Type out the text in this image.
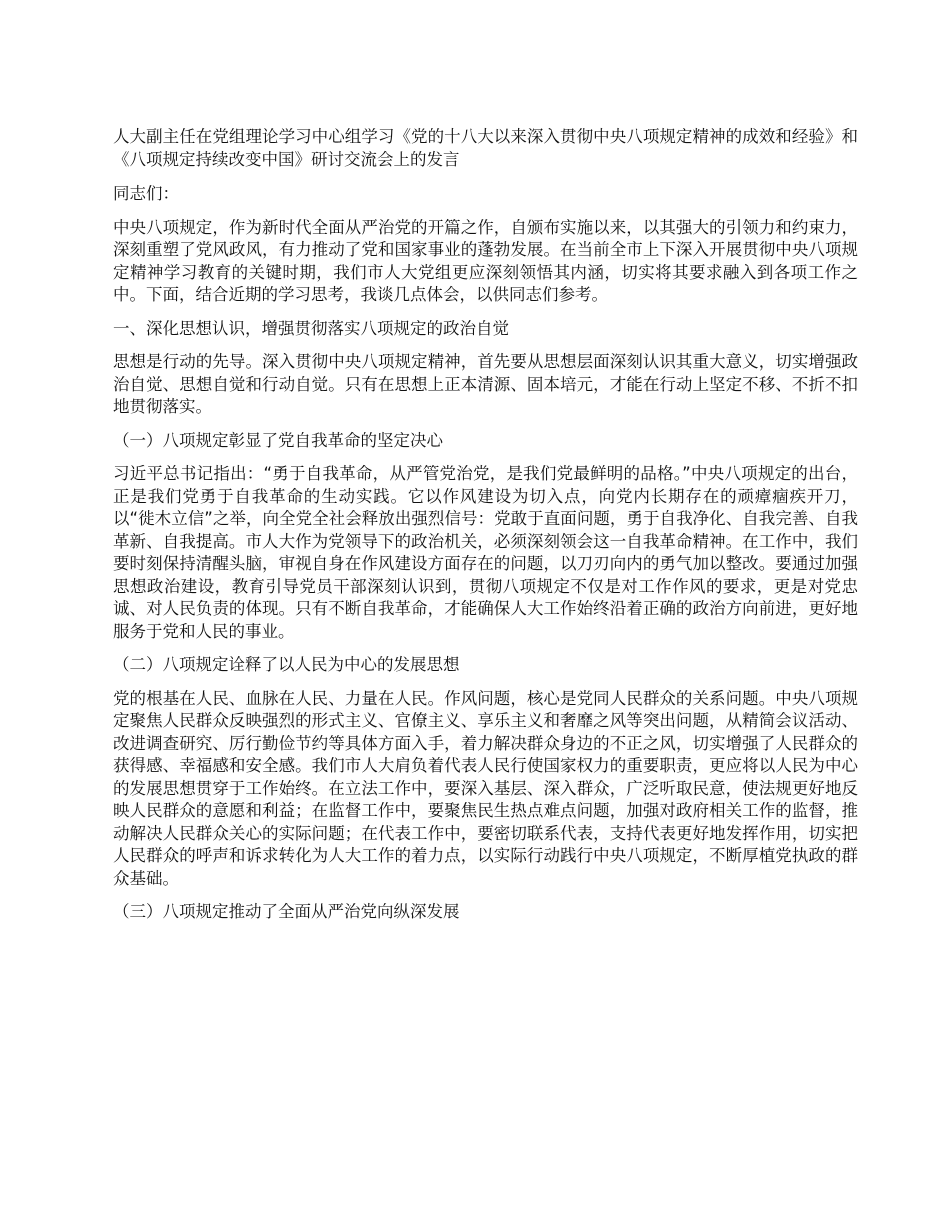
人大副主任在党组理论学习中心组学习《党的十八大以来深入贯彻中央八项规定精神的成效和经验》和《八项规定持续改变中国》研讨交流会上的发言

同志们：

中央八项规定，作为新时代全面从严治党的开篇之作，自颁布实施以来，以其强大的引领力和约束力，深刻重塑了党风政风，有力推动了党和国家事业的蓬勃发展。在当前全市上下深入开展贯彻中央八项规定精神学习教育的关键时期，我们市人大党组更应深刻领悟其内涵，切实将其要求融入到各项工作之中。下面，结合近期的学习思考，我谈几点体会，以供同志们参考。

一、深化思想认识，增强贯彻落实八项规定的政治自觉

思想是行动的先导。深入贯彻中央八项规定精神，首先要从思想层面深刻认识其重大意义，切实增强政治自觉、思想自觉和行动自觉。只有在思想上正本清源、固本培元，才能在行动上坚定不移、不折不扣地贯彻落实。

（一）八项规定彰显了党自我革命的坚定决心

习近平总书记指出：“勇于自我革命，从严管党治党，是我们党最鲜明的品格。”中央八项规定的出台，正是我们党勇于自我革命的生动实践。它以作风建设为切入点，向党内长期存在的顽瘴痼疾开刀，以“徙木立信”之举，向全党全社会释放出强烈信号：党敢于直面问题，勇于自我净化、自我完善、自我革新、自我提高。市人大作为党领导下的政治机关，必须深刻领会这一自我革命精神。在工作中，我们要时刻保持清醒头脑，审视自身在作风建设方面存在的问题，以刀刃向内的勇气加以整改。要通过加强思想政治建设，教育引导党员干部深刻认识到，贯彻八项规定不仅是对工作作风的要求，更是对党忠诚、对人民负责的体现。只有不断自我革命，才能确保人大工作始终沿着正确的政治方向前进，更好地服务于党和人民的事业。

（二）八项规定诠释了以人民为中心的发展思想

党的根基在人民、血脉在人民、力量在人民。作风问题，核心是党同人民群众的关系问题。中央八项规定聚焦人民群众反映强烈的形式主义、官僚主义、享乐主义和奢靡之风等突出问题，从精简会议活动、改进调查研究、厉行勤俭节约等具体方面入手，着力解决群众身边的不正之风，切实增强了人民群众的获得感、幸福感和安全感。我们市人大肩负着代表人民行使国家权力的重要职责，更应将以人民为中心的发展思想贯穿于工作始终。在立法工作中，要深入基层、深入群众，广泛听取民意，使法规更好地反映人民群众的意愿和利益；在监督工作中，要聚焦民生热点难点问题，加强对政府相关工作的监督，推动解决人民群众关心的实际问题；在代表工作中，要密切联系代表，支持代表更好地发挥作用，切实把人民群众的呼声和诉求转化为人大工作的着力点，以实际行动践行中央八项规定，不断厚植党执政的群众基础。

（三）八项规定推动了全面从严治党向纵深发展
